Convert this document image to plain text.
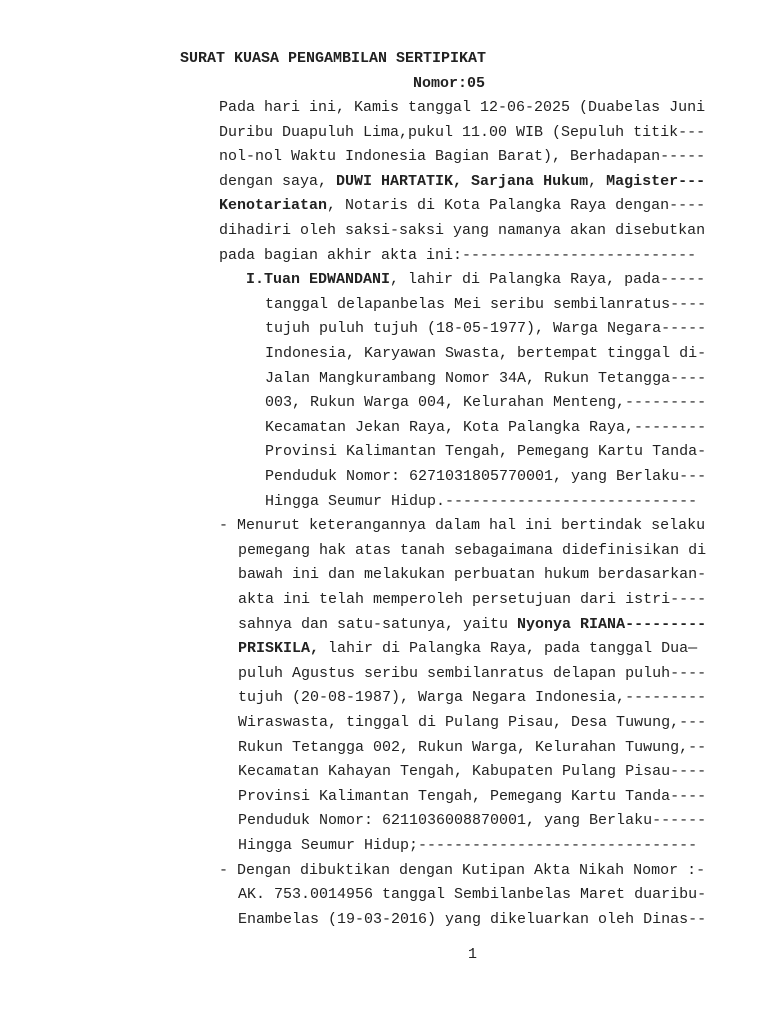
SURAT KUASA PENGAMBILAN SERTIPIKAT
Nomor:05
Pada hari ini, Kamis tanggal 12-06-2025 (Duabelas Juni
Duribu Duapuluh Lima,pukul 11.00 WIB (Sepuluh titik---
nol-nol Waktu Indonesia Bagian Barat), Berhadapan-----
dengan saya, DUWI HARTATIK, Sarjana Hukum, Magister---
Kenotariatan, Notaris di Kota Palangka Raya dengan----
dihadiri oleh saksi-saksi yang namanya akan disebutkan
pada bagian akhir akta ini:--------------------------
I.Tuan EDWANDANI, lahir di Palangka Raya, pada-----
tanggal delapanbelas Mei seribu sembilanratus----
tujuh puluh tujuh (18-05-1977), Warga Negara-----
Indonesia, Karyawan Swasta, bertempat tinggal di-
Jalan Mangkurambang Nomor 34A, Rukun Tetangga----
003, Rukun Warga 004, Kelurahan Menteng,---------
Kecamatan Jekan Raya, Kota Palangka Raya,--------
Provinsi Kalimantan Tengah, Pemegang Kartu Tanda-
Penduduk Nomor: 6271031805770001, yang Berlaku---
Hingga Seumur Hidup.----------------------------
- Menurut keterangannya dalam hal ini bertindak selaku
pemegang hak atas tanah sebagaimana didefinisikan di
bawah ini dan melakukan perbuatan hukum berdasarkan-
akta ini telah memperoleh persetujuan dari istri----
sahnya dan satu-satunya, yaitu Nyonya RIANA---------
PRISKILA, lahir di Palangka Raya, pada tanggal Dua—
puluh Agustus seribu sembilanratus delapan puluh----
tujuh (20-08-1987), Warga Negara Indonesia,---------
Wiraswasta, tinggal di Pulang Pisau, Desa Tuwung,---
Rukun Tetangga 002, Rukun Warga, Kelurahan Tuwung,--
Kecamatan Kahayan Tengah, Kabupaten Pulang Pisau----
Provinsi Kalimantan Tengah, Pemegang Kartu Tanda----
Penduduk Nomor: 6211036008870001, yang Berlaku------
Hingga Seumur Hidup;-------------------------------
- Dengan dibuktikan dengan Kutipan Akta Nikah Nomor :-
AK. 753.0014956 tanggal Sembilanbelas Maret duaribu-
Enambelas (19-03-2016) yang dikeluarkan oleh Dinas--
1
